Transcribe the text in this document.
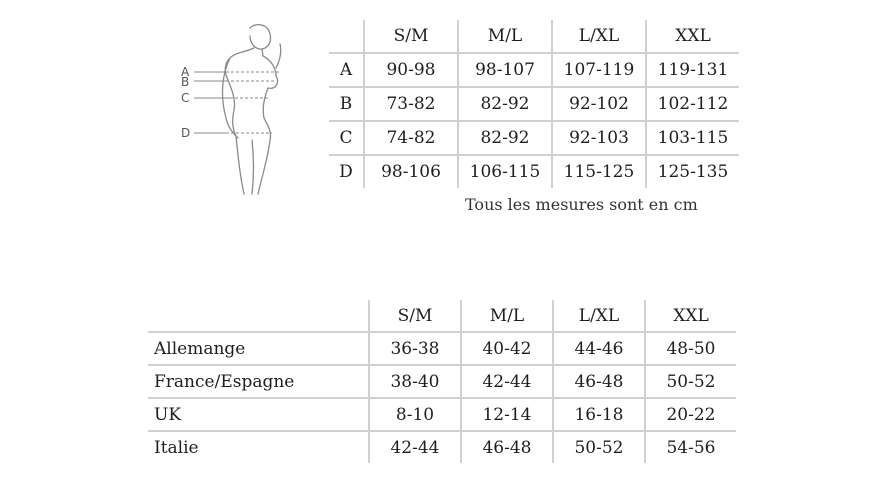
A
B
C
D
	S/M	M/L	L/XL	XXL
A	90-98	98-107	107-119	119-131
B	73-82	82-92	92-102	102-112
C	74-82	82-92	92-103	103-115
D	98-106	106-115	115-125	125-135
Tous les mesures sont en cm
	S/M	M/L	L/XL	XXL
Allemange	36-38	40-42	44-46	48-50
France/Espagne	38-40	42-44	46-48	50-52
UK	8-10	12-14	16-18	20-22
Italie	42-44	46-48	50-52	54-56
